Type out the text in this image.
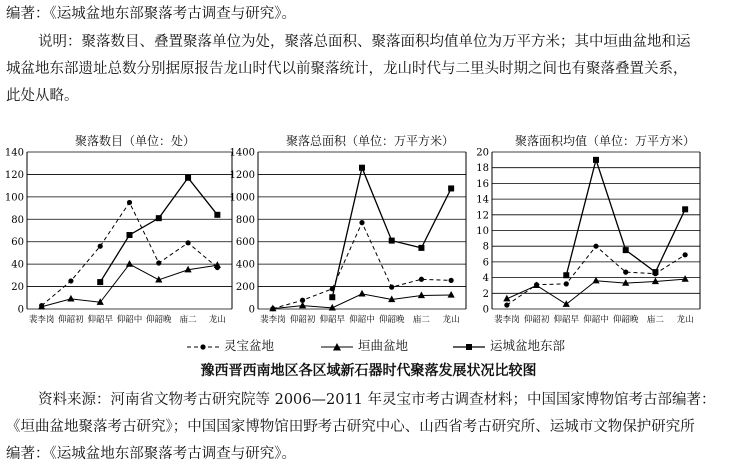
编著：《运城盆地东部聚落考古调查与研究》。
说明：聚落数目、叠置聚落单位为处，聚落总面积、聚落面积均值单位为万平方米；其中垣曲盆地和运
城盆地东部遗址总数分别据原报告龙山时代以前聚落统计，龙山时代与二里头时期之间也有聚落叠置关系，
此处从略。
聚落数目（单位：处）
0
20
40
60
80
100
120
140
裴李岗 仰韶初 仰韶早 仰韶中 仰韶晚 庙二 龙山
聚落总面积（单位：万平方米）
0
200
400
600
800
1000
1200
1400
裴李岗 仰韶初 仰韶早 仰韶中 仰韶晚 庙二 龙山
聚落面积均值（单位：万平方米）
0
2
4
6
8
10
12
14
16
18
20
裴李岗 仰韶初 仰韶早 仰韶中 仰韶晚 庙二 龙山
灵宝盆地	垣曲盆地	运城盆地东部
豫西晋西南地区各区域新石器时代聚落发展状况比较图
资料来源：河南省文物考古研究院等 2006—2011 年灵宝市考古调查材料；中国国家博物馆考古部编著：
《垣曲盆地聚落考古研究》；中国国家博物馆田野考古研究中心、山西省考古研究所、运城市文物保护研究所
编著：《运城盆地东部聚落考古调查与研究》。
